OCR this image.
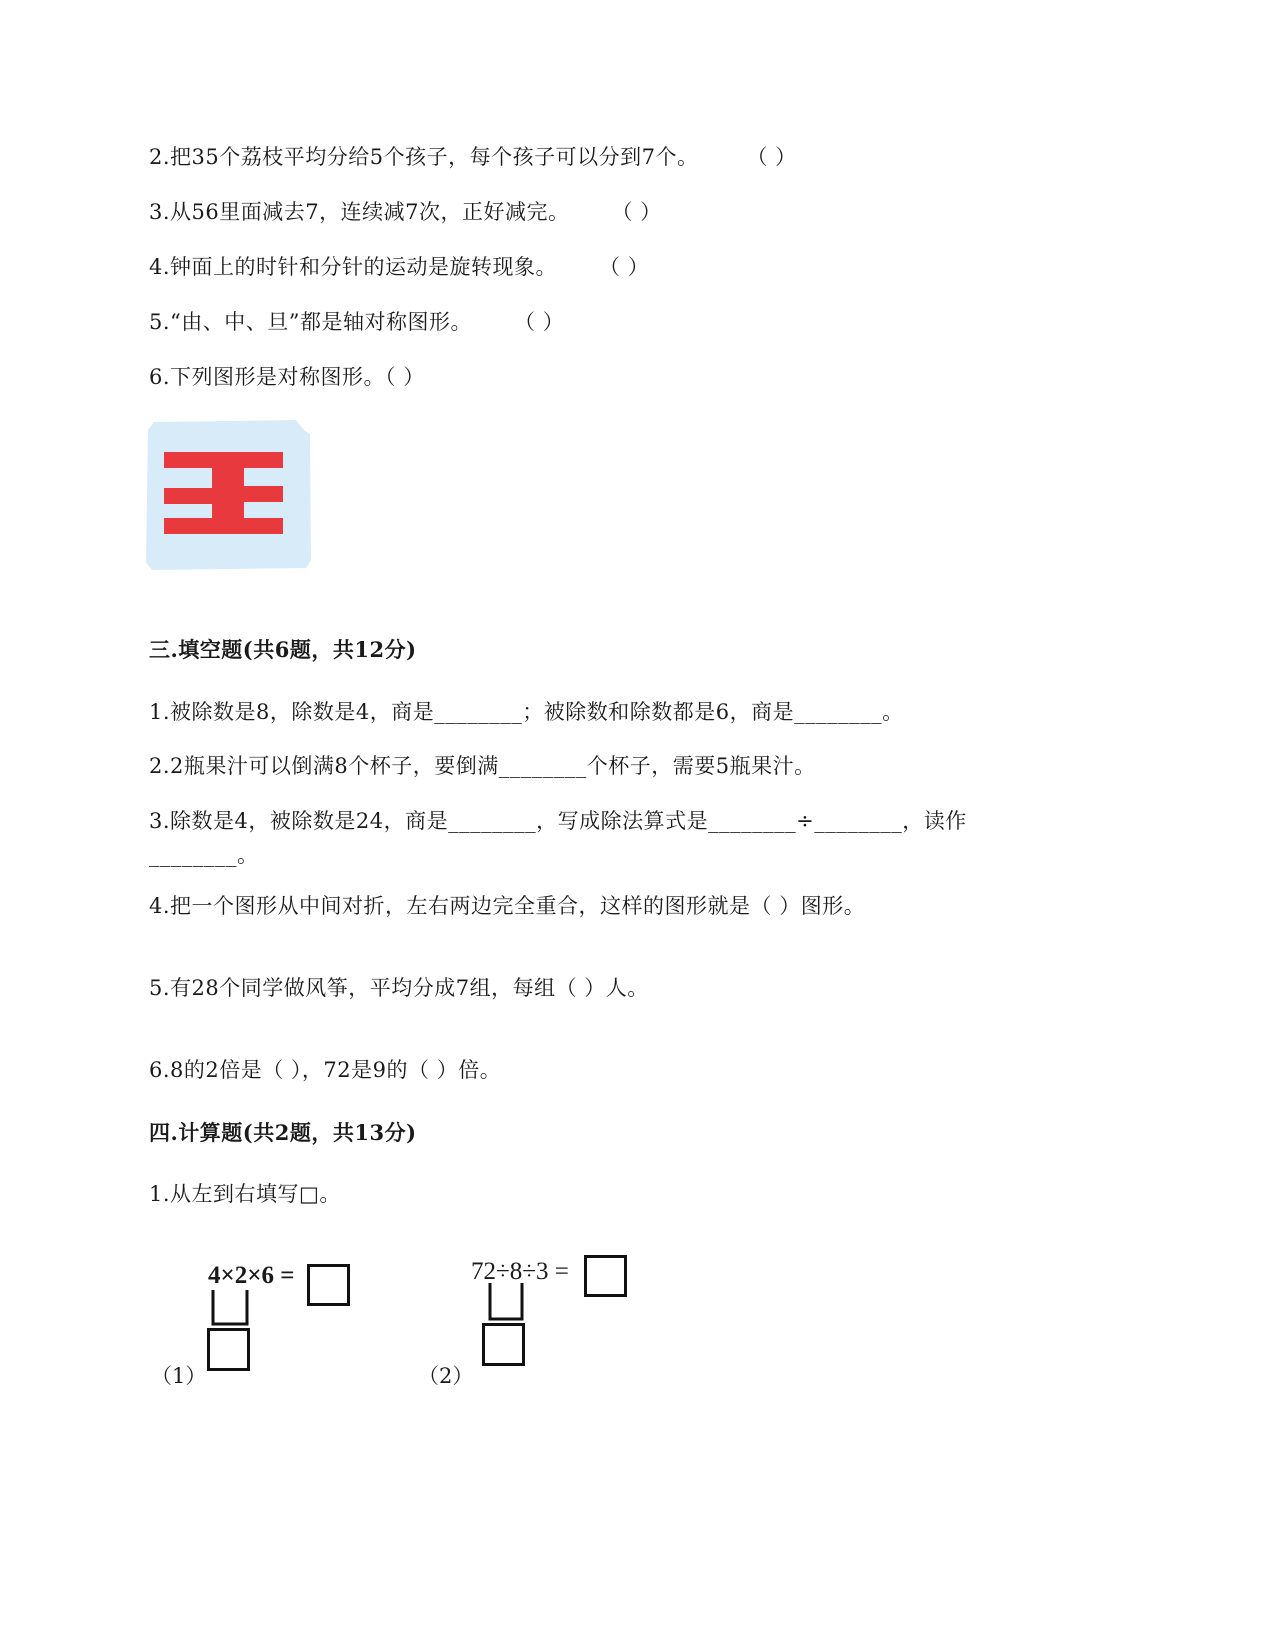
2.把35个荔枝平均分给5个孩子，每个孩子可以分到7个。 （ ）
3.从56里面减去7，连续减7次，正好减完。 （ ）
4.钟面上的时针和分针的运动是旋转现象。 （ ）
5.“由、中、旦”都是轴对称图形。 （ ）
6.下列图形是对称图形。（ ）
三.填空题(共6题，共12分)
1.被除数是8，除数是4，商是________；被除数和除数都是6，商是________。
2.2瓶果汁可以倒满8个杯子，要倒满________个杯子，需要5瓶果汁。
3.除数是4，被除数是24，商是________，写成除法算式是________÷________，读作
________。
4.把一个图形从中间对折，左右两边完全重合，这样的图形就是（ ）图形。
5.有28个同学做风筝，平均分成7组，每组（ ）人。
6.8的2倍是（ ），72是9的（ ）倍。
四.计算题(共2题，共13分)
1.从左到右填写□。
（1）
4×2×6 =
（2）
72÷8÷3 =
